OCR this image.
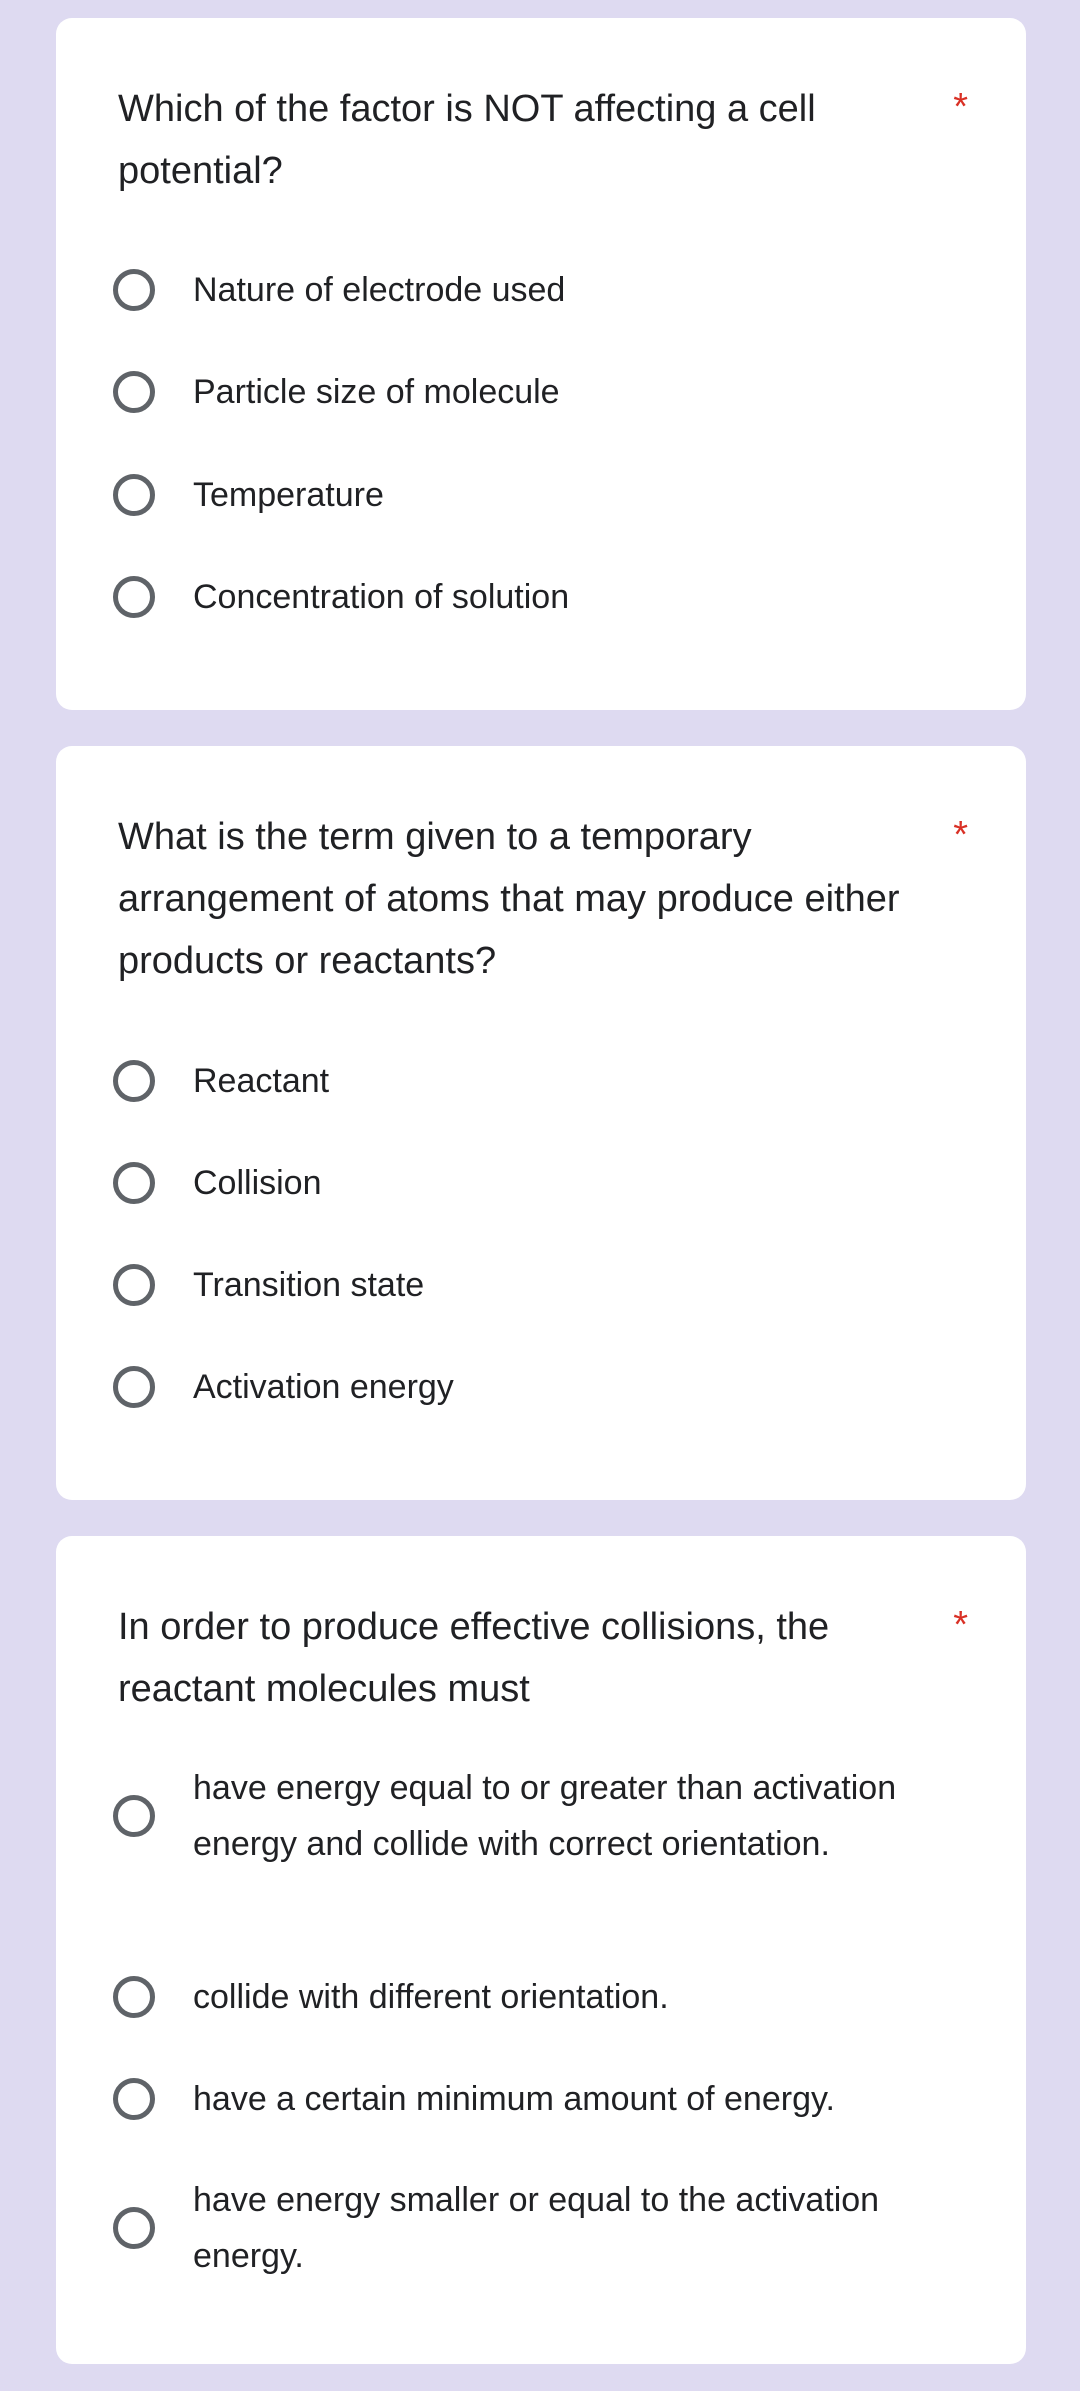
Which of the factor is NOT affecting a cell potential?

*
Nature of electrode used
Particle size of molecule
Temperature
Concentration of solution

What is the term given to a temporary arrangement of atoms that may produce either products or reactants?

*
Reactant
Collision
Transition state
Activation energy

In order to produce effective collisions, the reactant molecules must

*
have energy equal to or greater than activation energy and collide with correct orientation.
collide with different orientation.
have a certain minimum amount of energy.
have energy smaller or equal to the activation energy.
